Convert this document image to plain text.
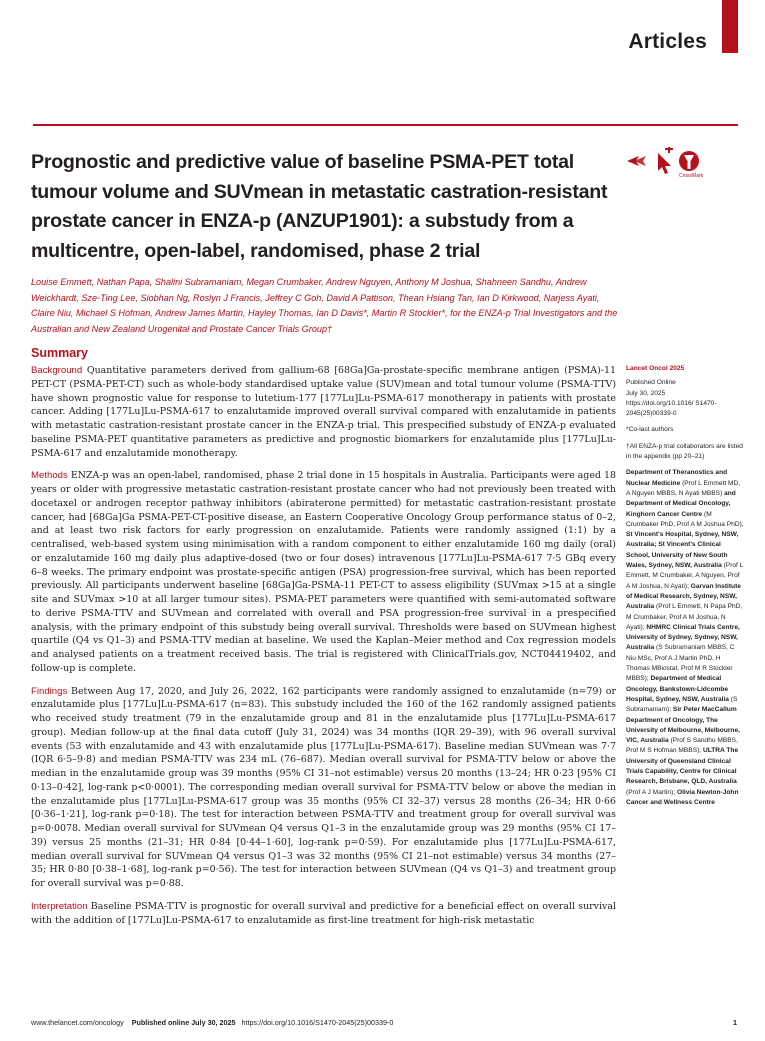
Articles
Prognostic and predictive value of baseline PSMA-PET total tumour volume and SUVmean in metastatic castration-resistant prostate cancer in ENZA-p (ANZUP1901): a substudy from a multicentre, open-label, randomised, phase 2 trial
CrossMark

Louise Emmett, Nathan Papa, Shalini Subramaniam, Megan Crumbaker, Andrew Nguyen, Anthony M Joshua, Shahneen Sandhu, Andrew Weickhardt, Sze-Ting Lee, Siobhan Ng, Roslyn J Francis, Jeffrey C Goh, David A Pattison, Thean Hsiang Tan, Ian D Kirkwood, Narjess Ayati, Claire Niu, Michael S Hofman, Andrew James Martin, Hayley Thomas, Ian D Davis*, Martin R Stockler*, for the ENZA-p Trial Investigators and the Australian and New Zealand Urogenital and Prostate Cancer Trials Group†

Summary

Background Quantitative parameters derived from gallium-68 [68Ga]Ga-prostate-specific membrane antigen (PSMA)-11 PET-CT (PSMA-PET-CT) such as whole-body standardised uptake value (SUV)mean and total tumour volume (PSMA-TTV) have shown prognostic value for response to lutetium-177 [177Lu]Lu-PSMA-617 monotherapy in patients with prostate cancer. Adding [177Lu]Lu-PSMA-617 to enzalutamide improved overall survival compared with enzalutamide in patients with metastatic castration-resistant prostate cancer in the ENZA-p trial. This prespecified substudy of ENZA-p evaluated baseline PSMA-PET quantitative parameters as predictive and prognostic biomarkers for enzalutamide plus [177Lu]Lu-PSMA-617 and enzalutamide monotherapy.

Methods ENZA-p was an open-label, randomised, phase 2 trial done in 15 hospitals in Australia. Participants were aged 18 years or older with progressive metastatic castration-resistant prostate cancer who had not previously been treated with docetaxel or androgen receptor pathway inhibitors (abiraterone permitted) for metastatic castration-resistant prostate cancer, had [68Ga]Ga PSMA-PET-CT-positive disease, an Eastern Cooperative Oncology Group performance status of 0–2, and at least two risk factors for early progression on enzalutamide. Patients were randomly assigned (1:1) by a centralised, web-based system using minimisation with a random component to either enzalutamide 160 mg daily (oral) or enzalutamide 160 mg daily plus adaptive-dosed (two or four doses) intravenous [177Lu]Lu-PSMA-617 7·5 GBq every 6–8 weeks. The primary endpoint was prostate-specific antigen (PSA) progression-free survival, which has been reported previously. All participants underwent baseline [68Ga]Ga-PSMA-11 PET-CT to assess eligibility (SUVmax >15 at a single site and SUVmax >10 at all larger tumour sites). PSMA-PET parameters were quantified with semi-automated software to derive PSMA-TTV and SUVmean and correlated with overall and PSA progression-free survival in a prespecified analysis, with the primary endpoint of this substudy being overall survival. Thresholds were based on SUVmean highest quartile (Q4 vs Q1–3) and PSMA-TTV median at baseline. We used the Kaplan–Meier method and Cox regression models and analysed patients on a treatment received basis. The trial is registered with ClinicalTrials.gov, NCT04419402, and follow-up is complete.

Findings Between Aug 17, 2020, and July 26, 2022, 162 participants were randomly assigned to enzalutamide (n=79) or enzalutamide plus [177Lu]Lu-PSMA-617 (n=83). This substudy included the 160 of the 162 randomly assigned patients who received study treatment (79 in the enzalutamide group and 81 in the enzalutamide plus [177Lu]Lu-PSMA-617 group). Median follow-up at the final data cutoff (July 31, 2024) was 34 months (IQR 29–39), with 96 overall survival events (53 with enzalutamide and 43 with enzalutamide plus [177Lu]Lu-PSMA-617). Baseline median SUVmean was 7·7 (IQR 6·5–9·8) and median PSMA-TTV was 234 mL (76–687). Median overall survival for PSMA-TTV below or above the median in the enzalutamide group was 39 months (95% CI 31–not estimable) versus 20 months (13–24; HR 0·23 [95% CI 0·13–0·42], log-rank p<0·0001). The corresponding median overall survival for PSMA-TTV below or above the median in the enzalutamide plus [177Lu]Lu-PSMA-617 group was 35 months (95% CI 32–37) versus 28 months (26–34; HR 0·66 [0·36–1·21], log-rank p=0·18). The test for interaction between PSMA-TTV and treatment group for overall survival was p=0·0078. Median overall survival for SUVmean Q4 versus Q1–3 in the enzalutamide group was 29 months (95% CI 17–39) versus 25 months (21–31; HR 0·84 [0·44–1·60], log-rank p=0·59). For enzalutamide plus [177Lu]Lu-PSMA-617, median overall survival for SUVmean Q4 versus Q1–3 was 32 months (95% CI 21–not estimable) versus 34 months (27–35; HR 0·80 [0·38–1·68], log-rank p=0·56). The test for interaction between SUVmean (Q4 vs Q1–3) and treatment group for overall survival was p=0·88.

Interpretation Baseline PSMA-TTV is prognostic for overall survival and predictive for a beneficial effect on overall survival with the addition of [177Lu]Lu-PSMA-617 to enzalutamide as first-line treatment for high-risk metastatic

Lancet Oncol 2025
Published Online
July 30, 2025
https://doi.org/10.1016/ S1470-2045(25)00339-0
*Co-last authors
†All ENZA-p trial collaborators are listed in the appendix (pp 20–21)
Department of Theranostics and Nuclear Medicine (Prof L Emmett MD, A Nguyen MBBS, N Ayati MBBS) and Department of Medical Oncology, Kinghorn Cancer Centre (M Crumbaker PhD, Prof A M Joshua PhD), St Vincent's Hospital, Sydney, NSW, Australia; St Vincent's Clinical School, University of New South Wales, Sydney, NSW, Australia (Prof L Emmett, M Crumbaker, A Nguyen, Prof A M Joshua, N Ayati); Garvan Institute of Medical Research, Sydney, NSW, Australia (Prof L Emmett, N Papa PhD, M Crumbaker, Prof A M Joshua, N Ayati); NHMRC Clinical Trials Centre, University of Sydney, Sydney, NSW, Australia (S Subramaniam MBBS, C Niu MSc, Prof A J Martin PhD, H Thomas MBiostat, Prof M R Stockler MBBS); Department of Medical Oncology, Bankstown-Lidcombe Hospital, Sydney, NSW, Australia (S Subramaniam); Sir Peter MacCallum Department of Oncology, The University of Melbourne, Melbourne, VIC, Australia (Prof S Sandhu MBBS, Prof M S Hofman MBBS); ULTRA The University of Queensland Clinical Trials Capability, Centre for Clinical Research, Brisbane, QLD, Australia (Prof A J Martin); Olivia Newton-John Cancer and Wellness Centre
www.thelancet.com/oncology Published online July 30, 2025 https://doi.org/10.1016/S1470-2045(25)00339-0	1
